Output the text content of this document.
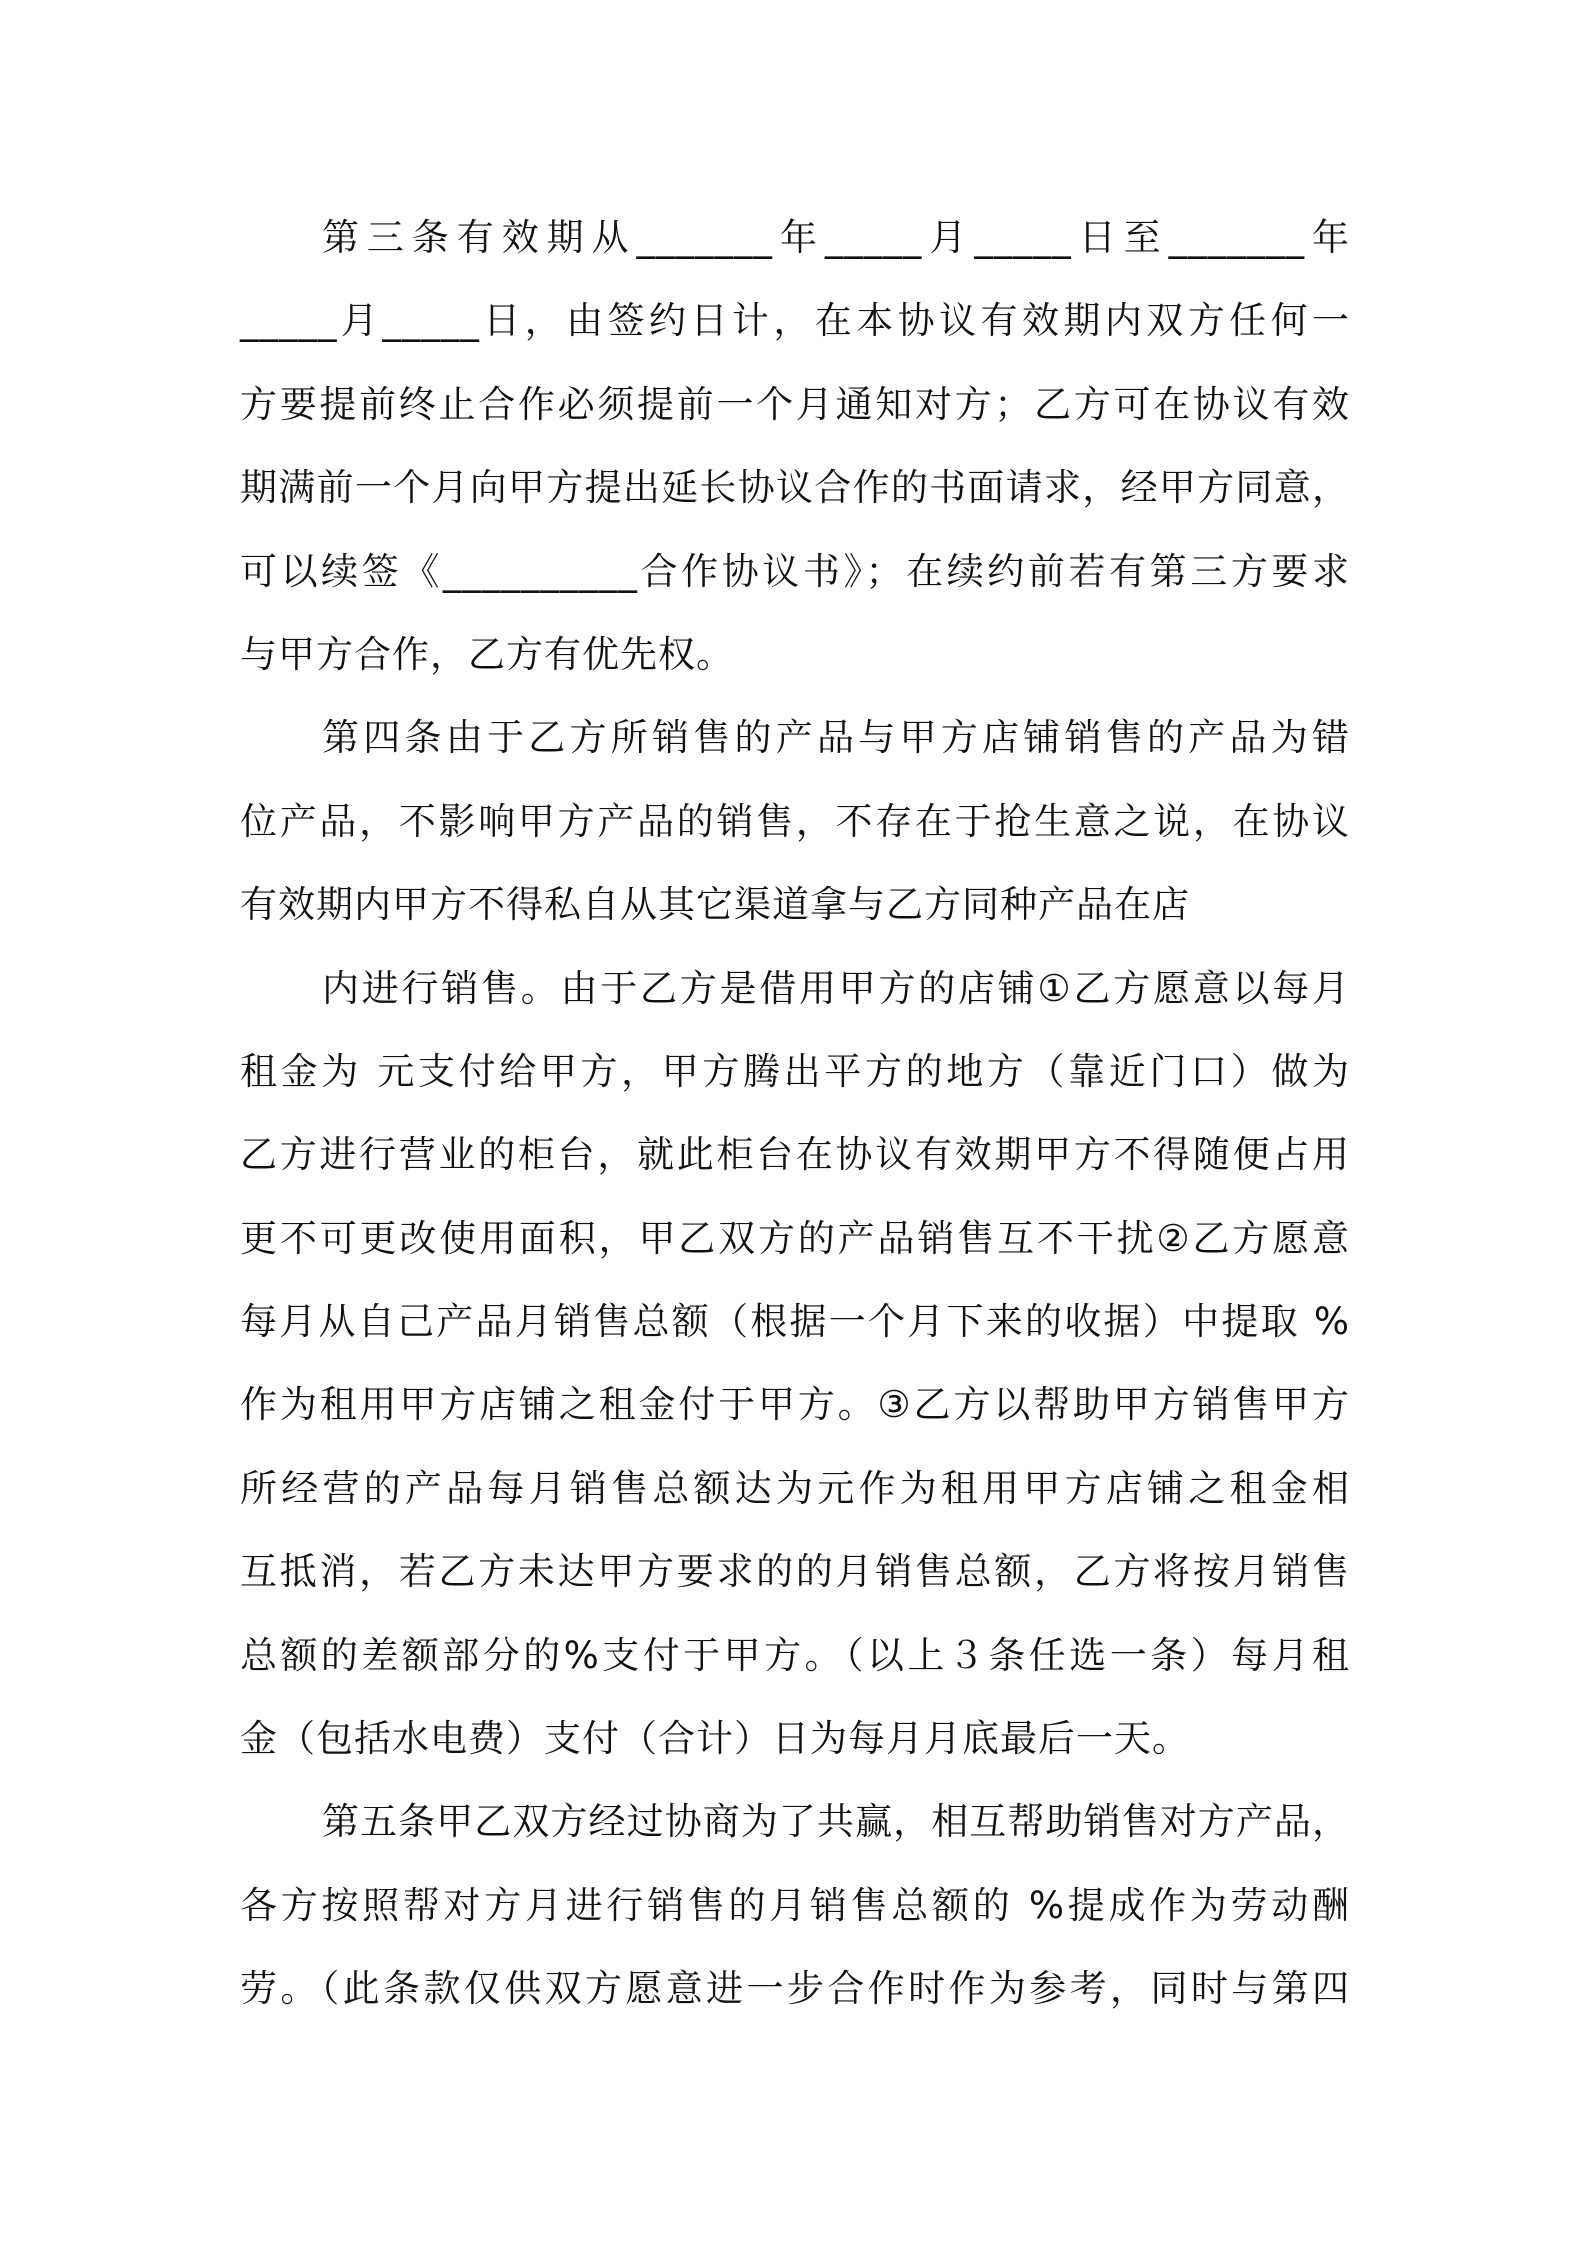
第三条有效期从_______年_____月_____日至_______年
_____月_____日，由签约日计，在本协议有效期内双方任何一
方要提前终止合作必须提前一个月通知对方；乙方可在协议有效
期满前一个月向甲方提出延长协议合作的书面请求，经甲方同意，
可以续签《__________合作协议书》；在续约前若有第三方要求
与甲方合作，乙方有优先权。
第四条由于乙方所销售的产品与甲方店铺销售的产品为错
位产品，不影响甲方产品的销售，不存在于抢生意之说，在协议
有效期内甲方不得私自从其它渠道拿与乙方同种产品在店
内进行销售。由于乙方是借用甲方的店铺①乙方愿意以每月
租金为 元支付给甲方，甲方腾出平方的地方（靠近门口）做为
乙方进行营业的柜台，就此柜台在协议有效期甲方不得随便占用
更不可更改使用面积，甲乙双方的产品销售互不干扰②乙方愿意
每月从自己产品月销售总额（根据一个月下来的收据）中提取 %
作为租用甲方店铺之租金付于甲方。③乙方以帮助甲方销售甲方
所经营的产品每月销售总额达为元作为租用甲方店铺之租金相
互抵消，若乙方未达甲方要求的的月销售总额，乙方将按月销售
总额的差额部分的%支付于甲方。（以上３条任选一条）每月租
金（包括水电费）支付（合计）日为每月月底最后一天。
第五条甲乙双方经过协商为了共赢，相互帮助销售对方产品，
各方按照帮对方月进行销售的月销售总额的 %提成作为劳动酬
劳。（此条款仅供双方愿意进一步合作时作为参考，同时与第四
